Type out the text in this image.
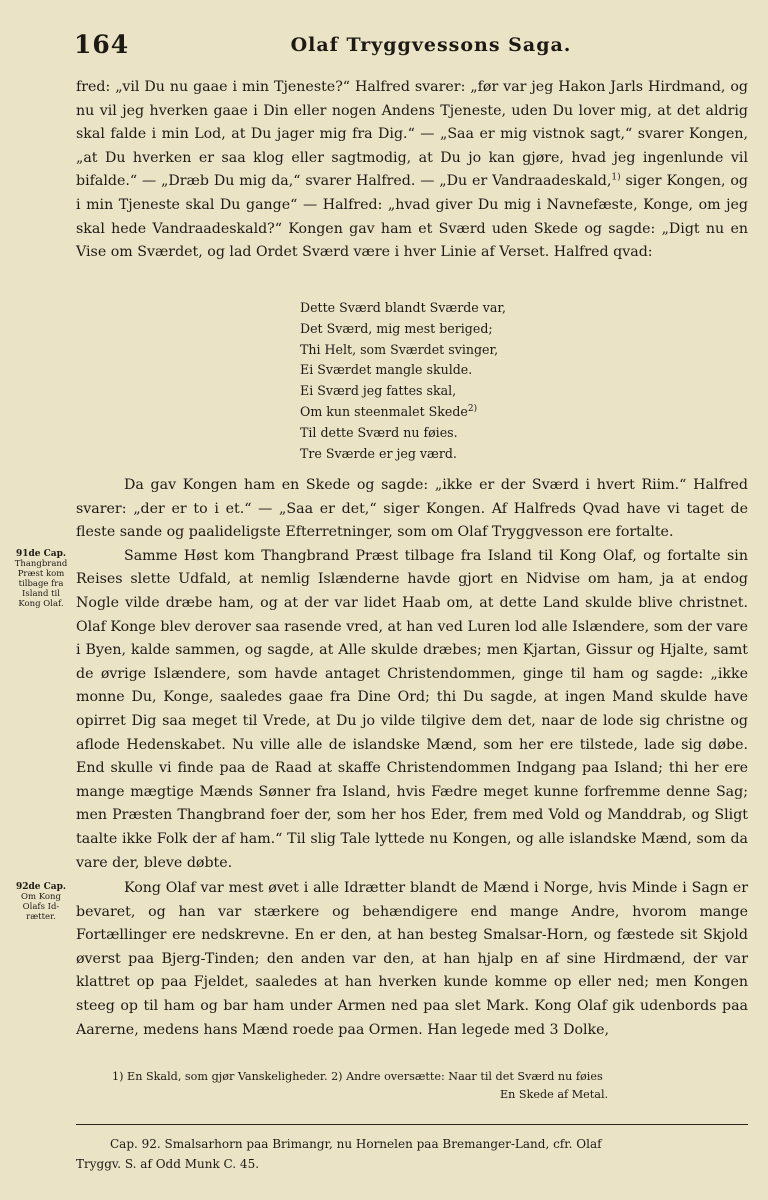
164	Olaf Tryggvessons Saga.

fred: „vil Du nu gaae i min Tjeneste?“ Halfred svarer: „før var jeg Hakon Jarls Hirdmand, og nu vil jeg hverken gaae i Din eller nogen Andens Tjeneste, uden Du lover mig, at det aldrig skal falde i min Lod, at Du jager mig fra Dig.“ — „Saa er mig vistnok sagt,“ svarer Kongen, „at Du hverken er saa klog eller sagtmodig, at Du jo kan gjøre, hvad jeg ingenlunde vil bifalde.“ — „Dræb Du mig da,“ svarer Halfred. — „Du er Vandraadeskald,$^{1)}$ siger Kongen, og i min Tjeneste skal Du gange“ — Halfred: „hvad giver Du mig i Navnefæste, Konge, om jeg skal hede Vandraadeskald?“ Kongen gav ham et Sværd uden Skede og sagde: „Digt nu en Vise om Sværdet, og lad Ordet Sværd være i hver Linie af Verset. Halfred qvad:

Dette Sværd blandt Sværde var,
Det Sværd, mig mest beriged;
Thi Helt, som Sværdet svinger,
Ei Sværdet mangle skulde.
Ei Sværd jeg fattes skal,
Om kun steenmalet Skede$^{2)}$
Til dette Sværd nu føies.
Tre Sværde er jeg værd.

Da gav Kongen ham en Skede og sagde: „ikke er der Sværd i hvert Riim.“ Halfred svarer: „der er to i et.“ — „Saa er det,“ siger Kongen. Af Halfreds Qvad have vi taget de fleste sande og paalideligste Efterretninger, som om Olaf Tryggvesson ere fortalte.

Samme Høst kom Thangbrand Præst tilbage fra Island til Kong Olaf, og fortalte sin Reises slette Udfald, at nemlig Islænderne havde gjort en Nidvise om ham, ja at endog Nogle vilde dræbe ham, og at der var lidet Haab om, at dette Land skulde blive christnet. Olaf Konge blev derover saa rasende vred, at han ved Luren lod alle Islændere, som der vare i Byen, kalde sammen, og sagde, at Alle skulde dræbes; men Kjartan, Gissur og Hjalte, samt de øvrige Islændere, som havde antaget Christendommen, ginge til ham og sagde: „ikke monne Du, Konge, saaledes gaae fra Dine Ord; thi Du sagde, at ingen Mand skulde have opirret Dig saa meget til Vrede, at Du jo vilde tilgive dem det, naar de lode sig christne og aflode Hedenskabet. Nu ville alle de islandske Mænd, som her ere tilstede, lade sig døbe. End skulle vi finde paa de Raad at skaffe Christendommen Indgang paa Island; thi her ere mange mægtige Mænds Sønner fra Island, hvis Fædre meget kunne forfremme denne Sag; men Præsten Thangbrand foer der, som her hos Eder, frem med Vold og Manddrab, og Sligt taalte ikke Folk der af ham.“ Til slig Tale lyttede nu Kongen, og alle islandske Mænd, som da vare der, bleve døbte.

Kong Olaf var mest øvet i alle Idrætter blandt de Mænd i Norge, hvis Minde i Sagn er bevaret, og han var stærkere og behændigere end mange Andre, hvorom mange Fortællinger ere nedskrevne. En er den, at han besteg Smalsar-Horn, og fæstede sit Skjold øverst paa Bjerg-Tinden; den anden var den, at han hjalp en af sine Hirdmænd, der var klattret op paa Fjeldet, saaledes at han hverken kunde komme op eller ned; men Kongen steeg op til ham og bar ham under Armen ned paa slet Mark. Kong Olaf gik udenbords paa Aarerne, medens hans Mænd roede paa Ormen. Han legede med 3 Dolke,

91de Cap.
Thangbrand
Præst kom
tilbage fra
Island til
Kong Olaf.
92de Cap.
Om Kong
Olafs Id-
rætter.
1) En Skald, som gjør Vanskeligheder. 2) Andre oversætte: Naar til det Sværd nu føies
En Skede af Metal.
Cap. 92. Smalsarhorn paa Brimangr, nu Hornelen paa Bremanger-Land, cfr. Olaf
Tryggv. S. af Odd Munk C. 45.
